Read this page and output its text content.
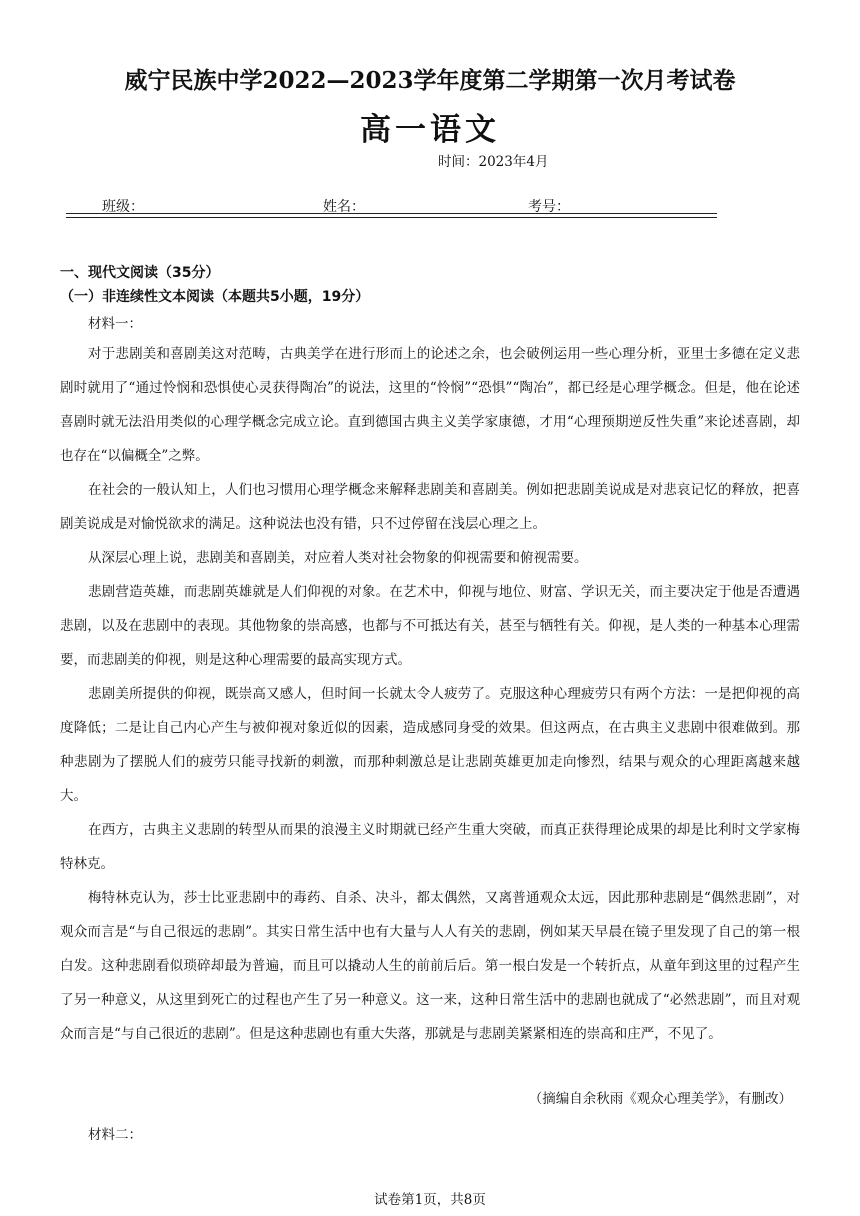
威宁民族中学2022—2023学年度第二学期第一次月考试卷
高一语文
时间：2023年4月
班级：	姓名：	考号：
一、现代文阅读（35分）
（一）非连续性文本阅读（本题共5小题，19分）
材料一：

对于悲剧美和喜剧美这对范畴，古典美学在进行形而上的论述之余，也会破例运用一些心理分析，亚里士多德在定义悲剧时就用了“通过怜悯和恐惧使心灵获得陶冶”的说法，这里的“怜悯”“恐惧”“陶冶”，都已经是心理学概念。但是，他在论述喜剧时就无法沿用类似的心理学概念完成立论。直到德国古典主义美学家康德，才用“心理预期逆反性失重”来论述喜剧，却也存在“以偏概全”之弊。

在社会的一般认知上，人们也习惯用心理学概念来解释悲剧美和喜剧美。例如把悲剧美说成是对悲哀记忆的释放，把喜剧美说成是对愉悦欲求的满足。这种说法也没有错，只不过停留在浅层心理之上。

从深层心理上说，悲剧美和喜剧美，对应着人类对社会物象的仰视需要和俯视需要。

悲剧营造英雄，而悲剧英雄就是人们仰视的对象。在艺术中，仰视与地位、财富、学识无关，而主要决定于他是否遭遇悲剧，以及在悲剧中的表现。其他物象的崇高感，也都与不可抵达有关，甚至与牺牲有关。仰视，是人类的一种基本心理需要，而悲剧美的仰视，则是这种心理需要的最高实现方式。

悲剧美所提供的仰视，既崇高又感人，但时间一长就太令人疲劳了。克服这种心理疲劳只有两个方法：一是把仰视的高度降低；二是让自己内心产生与被仰视对象近似的因素，造成感同身受的效果。但这两点，在古典主义悲剧中很难做到。那种悲剧为了摆脱人们的疲劳只能寻找新的刺激，而那种刺激总是让悲剧英雄更加走向惨烈，结果与观众的心理距离越来越大。

在西方，古典主义悲剧的转型从而果的浪漫主义时期就已经产生重大突破，而真正获得理论成果的却是比利时文学家梅特林克。

梅特林克认为，莎士比亚悲剧中的毒药、自杀、决斗，都太偶然，又离普通观众太远，因此那种悲剧是“偶然悲剧”，对观众而言是“与自己很远的悲剧”。其实日常生活中也有大量与人人有关的悲剧，例如某天早晨在镜子里发现了自己的第一根白发。这种悲剧看似琐碎却最为普遍，而且可以撬动人生的前前后后。第一根白发是一个转折点，从童年到这里的过程产生了另一种意义，从这里到死亡的过程也产生了另一种意义。这一来，这种日常生活中的悲剧也就成了“必然悲剧”，而且对观众而言是“与自己很近的悲剧”。但是这种悲剧也有重大失落，那就是与悲剧美紧紧相连的崇高和庄严，不见了。

（摘编自余秋雨《观众心理美学》，有删改）
材料二：
试卷第1页，共8页
